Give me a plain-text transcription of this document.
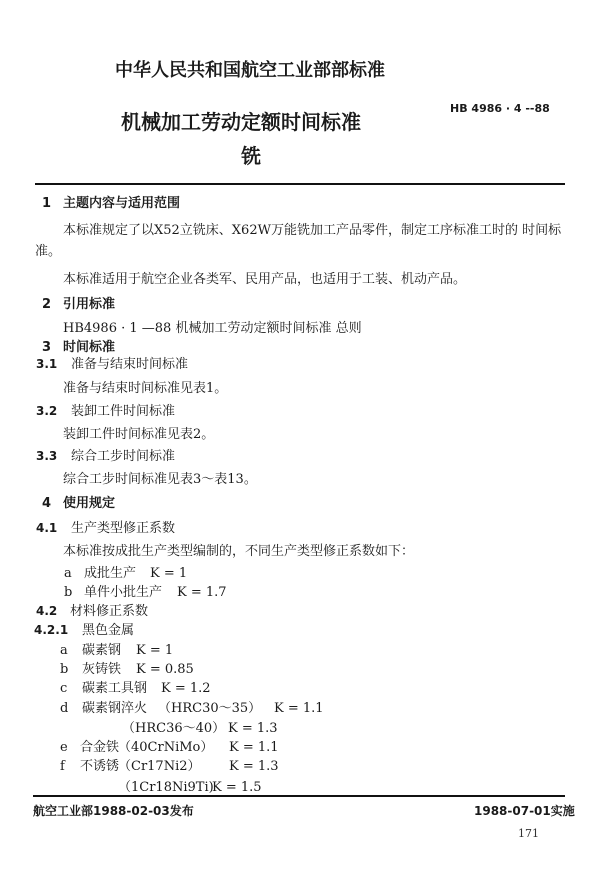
中华人民共和国航空工业部部标准
HB 4986 · 4 --88
机械加工劳动定额时间标准
铣
1 主题内容与适用范围
本标准规定了以X52立铣床、X62W万能铣加工产品零件，制定工序标准工时的 时间标
准。
本标准适用于航空企业各类军、民用产品，也适用于工装、机动产品。
2 引用标准
HB4986 · 1 —88 机械加工劳动定额时间标准 总则
3 时间标准
3.1 准备与结束时间标准
准备与结束时间标准见表1。
3.2 装卸工件时间标准
装卸工件时间标准见表2。
3.3 综合工步时间标准
综合工步时间标准见表3～表13。
4 使用规定
4.1 生产类型修正系数
本标准按成批生产类型编制的，不同生产类型修正系数如下：
a 成批生产 K = 1
b 单件小批生产 K = 1.7
4.2 材料修正系数
4.2.1 黑色金属
a 碳素钢 K = 1
b 灰铸铁 K = 0.85
c 碳素工具钢 K = 1.2
d 碳素钢淬火 （HRC30～35） K = 1.1
（HRC36～40） K = 1.3
e 合金铁
（40CrNiMo） K = 1.1
f 不诱锈
（Cr17Ni2） K = 1.3
（1Cr18Ni9Ti)
K = 1.5
航空工业部1988-02-03发布	1988-07-01实施
171
